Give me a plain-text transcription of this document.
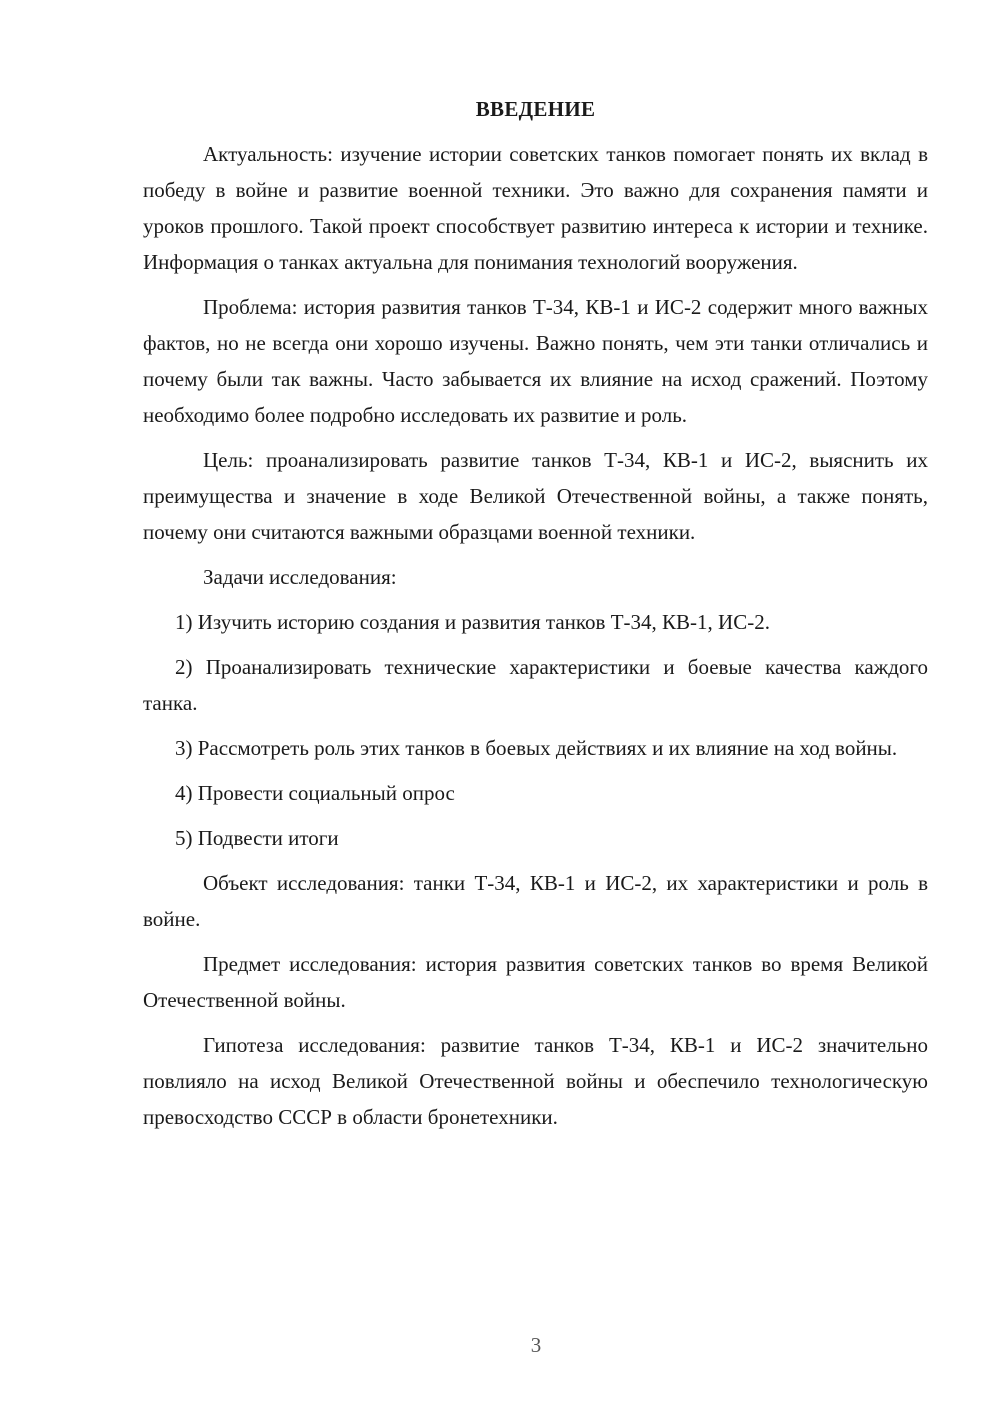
ВВЕДЕНИЕ

Актуальность: изучение истории советских танков помогает понять их вклад в победу в войне и развитие военной техники. Это важно для сохранения памяти и уроков прошлого. Такой проект способствует развитию интереса к истории и технике. Информация о танках актуальна для понимания технологий вооружения.

Проблема: история развития танков Т-34, КВ-1 и ИС-2 содержит много важных фактов, но не всегда они хорошо изучены. Важно понять, чем эти танки отличались и почему были так важны. Часто забывается их влияние на исход сражений. Поэтому необходимо более подробно исследовать их развитие и роль.

Цель: проанализировать развитие танков Т-34, КВ-1 и ИС-2, выяснить их преимущества и значение в ходе Великой Отечественной войны, а также понять, почему они считаются важными образцами военной техники.

Задачи исследования:

1) Изучить историю создания и развития танков Т-34, КВ-1, ИС-2.

2) Проанализировать технические характеристики и боевые качества каждого танка.

3) Рассмотреть роль этих танков в боевых действиях и их влияние на ход войны.

4) Провести социальный опрос

5) Подвести итоги

Объект исследования: танки Т-34, КВ-1 и ИС-2, их характеристики и роль в войне.

Предмет исследования: история развития советских танков во время Великой Отечественной войны.

Гипотеза исследования: развитие танков Т-34, КВ-1 и ИС-2 значительно повлияло на исход Великой Отечественной войны и обеспечило технологическую превосходство СССР в области бронетехники.

3
